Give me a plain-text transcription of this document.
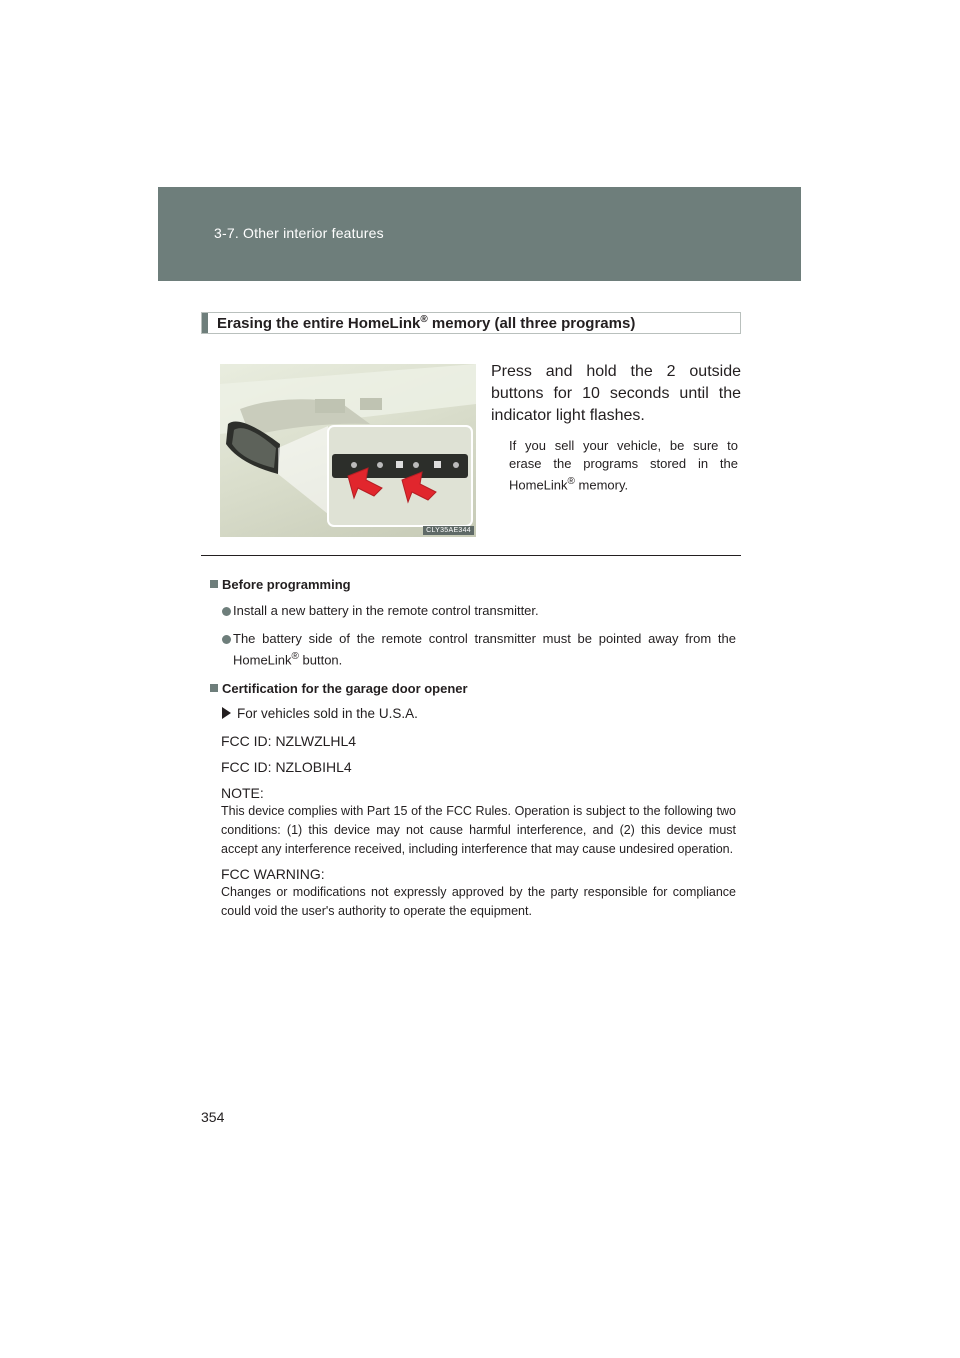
3-7. Other interior features
Erasing the entire HomeLink® memory (all three programs)
CLY35AE344
Press and hold the 2 outside buttons for 10 seconds until the indicator light flashes.
If you sell your vehicle, be sure to erase the programs stored in the HomeLink® memory.

Before programming

Install a new battery in the remote control transmitter.

The battery side of the remote control transmitter must be pointed away from the HomeLink® button.

Certification for the garage door opener

For vehicles sold in the U.S.A.

FCC ID: NZLWZLHL4

FCC ID: NZLOBIHL4

NOTE:

This device complies with Part 15 of the FCC Rules. Operation is subject to the following two conditions: (1) this device may not cause harmful interference, and (2) this device must accept any interference received, including interference that may cause undesired operation.

FCC WARNING:

Changes or modifications not expressly approved by the party responsible for compliance could void the user's authority to operate the equipment.

354
